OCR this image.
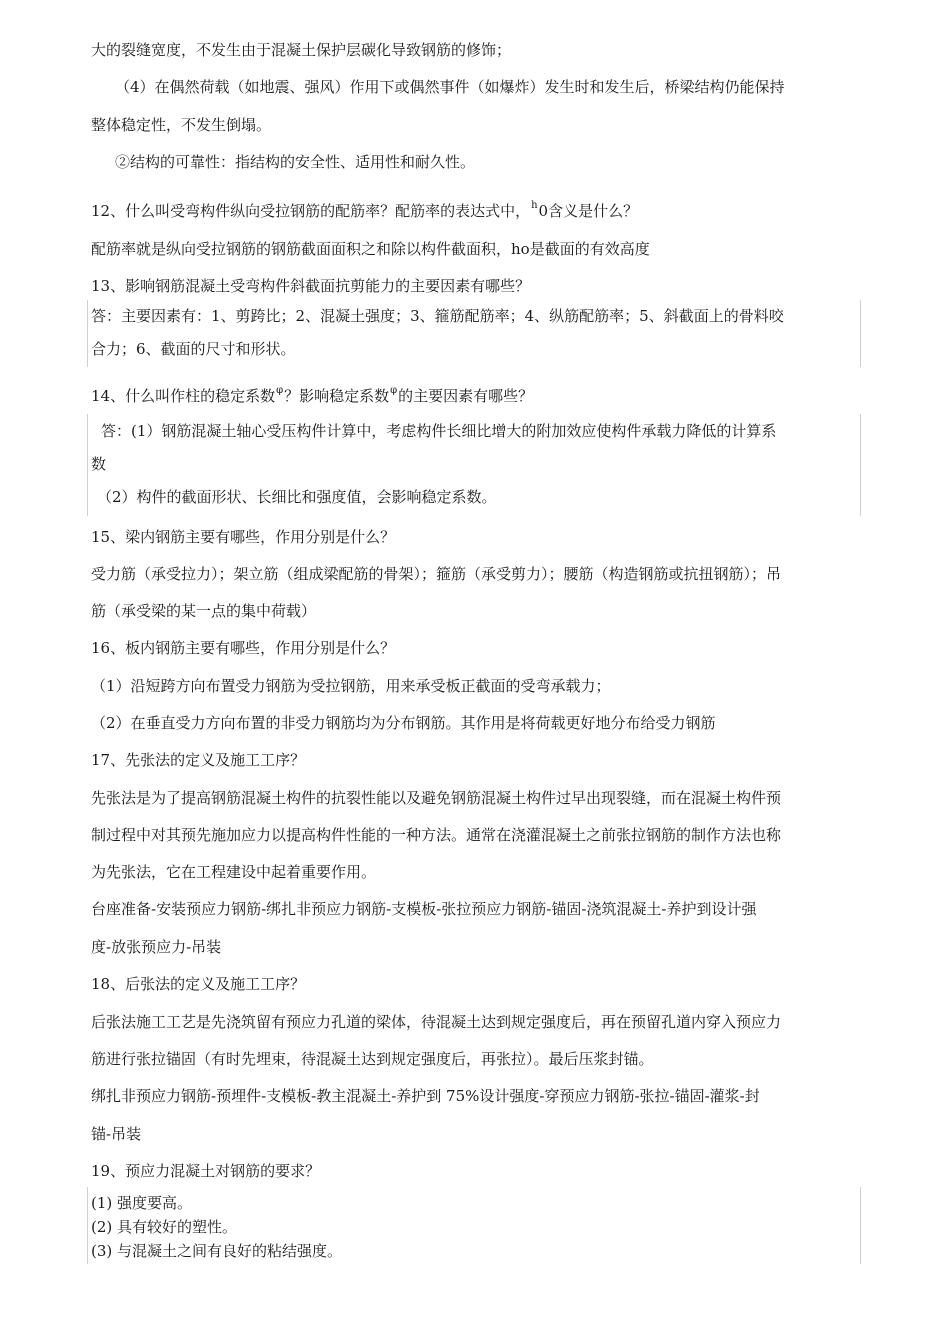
大的裂缝宽度，不发生由于混凝土保护层碳化导致钢筋的修饰；
（4）在偶然荷载（如地震、强风）作用下或偶然事件（如爆炸）发生时和发生后，桥梁结构仍能保持
整体稳定性，不发生倒塌。
②结构的可靠性：指结构的安全性、适用性和耐久性。
12、什么叫受弯构件纵向受拉钢筋的配筋率？配筋率的表达式中，$^h$0含义是什么？
配筋率就是纵向受拉钢筋的钢筋截面面积之和除以构件截面积，ho是截面的有效高度
13、影响钢筋混凝土受弯构件斜截面抗剪能力的主要因素有哪些？
答：主要因素有：1、剪跨比；2、混凝土强度；3、箍筋配筋率；4、纵筋配筋率；5、斜截面上的骨料咬
合力；6、截面的尺寸和形状。
14、什么叫作柱的稳定系数$^\varphi$？影响稳定系数$^\varphi$的主要因素有哪些？
答：(1）钢筋混凝土轴心受压构件计算中，考虑构件长细比增大的附加效应使构件承载力降低的计算系
数
（2）构件的截面形状、长细比和强度值，会影响稳定系数。
15、梁内钢筋主要有哪些，作用分别是什么？
受力筋（承受拉力）；架立筋（组成梁配筋的骨架）；箍筋（承受剪力）；腰筋（构造钢筋或抗扭钢筋）；吊
筋（承受梁的某一点的集中荷载）
16、板内钢筋主要有哪些，作用分别是什么？
（1）沿短跨方向布置受力钢筋为受拉钢筋，用来承受板正截面的受弯承载力；
（2）在垂直受力方向布置的非受力钢筋均为分布钢筋。其作用是将荷载更好地分布给受力钢筋
17、先张法的定义及施工工序？
先张法是为了提高钢筋混凝土构件的抗裂性能以及避免钢筋混凝土构件过早出现裂缝，而在混凝土构件预
制过程中对其预先施加应力以提高构件性能的一种方法。通常在浇灌混凝土之前张拉钢筋的制作方法也称
为先张法，它在工程建设中起着重要作用。
台座准备-安装预应力钢筋-绑扎非预应力钢筋-支模板-张拉预应力钢筋-锚固-浇筑混凝土-养护到设计强
度-放张预应力-吊装
18、后张法的定义及施工工序？
后张法施工工艺是先浇筑留有预应力孔道的梁体，待混凝土达到规定强度后，再在预留孔道内穿入预应力
筋进行张拉锚固（有时先埋束，待混凝土达到规定强度后，再张拉）。最后压浆封锚。
绑扎非预应力钢筋-预埋件-支模板-教主混凝土-养护到 75%设计强度-穿预应力钢筋-张拉-锚固-灌浆-封
锚-吊装
19、预应力混凝土对钢筋的要求？
(1) 强度要高。
(2) 具有较好的塑性。
(3) 与混凝土之间有良好的粘结强度。
